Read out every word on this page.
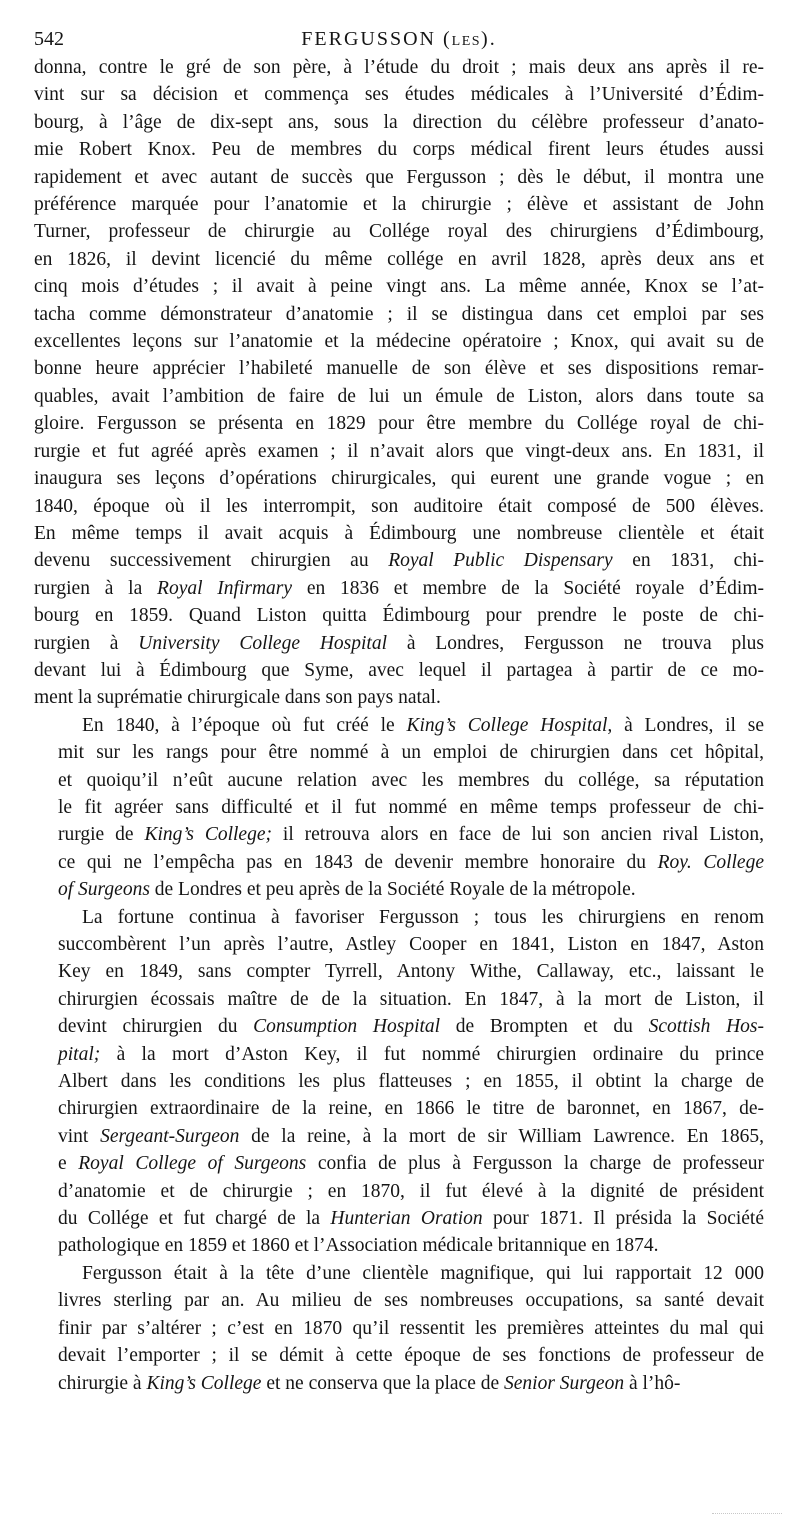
542	FERGUSSON (LES).

donna, contre le gré de son père, à l’étude du droit ; mais deux ans après il re-
vint sur sa décision et commença ses études médicales à l’Université d’Édim-
bourg, à l’âge de dix-sept ans, sous la direction du célèbre professeur d’anato-
mie Robert Knox. Peu de membres du corps médical firent leurs études aussi
rapidement et avec autant de succès que Fergusson ; dès le début, il montra une
préférence marquée pour l’anatomie et la chirurgie ; élève et assistant de John
Turner, professeur de chirurgie au Collége royal des chirurgiens d’Édimbourg,
en 1826, il devint licencié du même collége en avril 1828, après deux ans et
cinq mois d’études ; il avait à peine vingt ans. La même année, Knox se l’at-
tacha comme démonstrateur d’anatomie ; il se distingua dans cet emploi par ses
excellentes leçons sur l’anatomie et la médecine opératoire ; Knox, qui avait su de
bonne heure apprécier l’habileté manuelle de son élève et ses dispositions remar-
quables, avait l’ambition de faire de lui un émule de Liston, alors dans toute sa
gloire. Fergusson se présenta en 1829 pour être membre du Collége royal de chi-
rurgie et fut agréé après examen ; il n’avait alors que vingt-deux ans. En 1831, il
inaugura ses leçons d’opérations chirurgicales, qui eurent une grande vogue ; en
1840, époque où il les interrompit, son auditoire était composé de 500 élèves.
En même temps il avait acquis à Édimbourg une nombreuse clientèle et était
devenu successivement chirurgien au Royal Public Dispensary en 1831, chi-
rurgien à la Royal Infirmary en 1836 et membre de la Société royale d’Édim-
bourg en 1859. Quand Liston quitta Édimbourg pour prendre le poste de chi-
rurgien à University College Hospital à Londres, Fergusson ne trouva plus
devant lui à Édimbourg que Syme, avec lequel il partagea à partir de ce mo-
ment la suprématie chirurgicale dans son pays natal.

En 1840, à l’époque où fut créé le King’s College Hospital, à Londres, il se
mit sur les rangs pour être nommé à un emploi de chirurgien dans cet hôpital,
et quoiqu’il n’eût aucune relation avec les membres du collége, sa réputation
le fit agréer sans difficulté et il fut nommé en même temps professeur de chi-
rurgie de King’s College; il retrouva alors en face de lui son ancien rival Liston,
ce qui ne l’empêcha pas en 1843 de devenir membre honoraire du Roy. College
of Surgeons de Londres et peu après de la Société Royale de la métropole.

La fortune continua à favoriser Fergusson ; tous les chirurgiens en renom
succombèrent l’un après l’autre, Astley Cooper en 1841, Liston en 1847, Aston
Key en 1849, sans compter Tyrrell, Antony Withe, Callaway, etc., laissant le
chirurgien écossais maître de de la situation. En 1847, à la mort de Liston, il
devint chirurgien du Consumption Hospital de Brompten et du Scottish Hos-
pital; à la mort d’Aston Key, il fut nommé chirurgien ordinaire du prince
Albert dans les conditions les plus flatteuses ; en 1855, il obtint la charge de
chirurgien extraordinaire de la reine, en 1866 le titre de baronnet, en 1867, de-
vint Sergeant-Surgeon de la reine, à la mort de sir William Lawrence. En 1865,
e Royal College of Surgeons confia de plus à Fergusson la charge de professeur
d’anatomie et de chirurgie ; en 1870, il fut élevé à la dignité de président
du Collége et fut chargé de la Hunterian Oration pour 1871. Il présida la Société
pathologique en 1859 et 1860 et l’Association médicale britannique en 1874.

Fergusson était à la tête d’une clientèle magnifique, qui lui rapportait 12 000
livres sterling par an. Au milieu de ses nombreuses occupations, sa santé devait
finir par s’altérer ; c’est en 1870 qu’il ressentit les premières atteintes du mal qui
devait l’emporter ; il se démit à cette époque de ses fonctions de professeur de
chirurgie à King’s College et ne conserva que la place de Senior Surgeon à l’hô-
